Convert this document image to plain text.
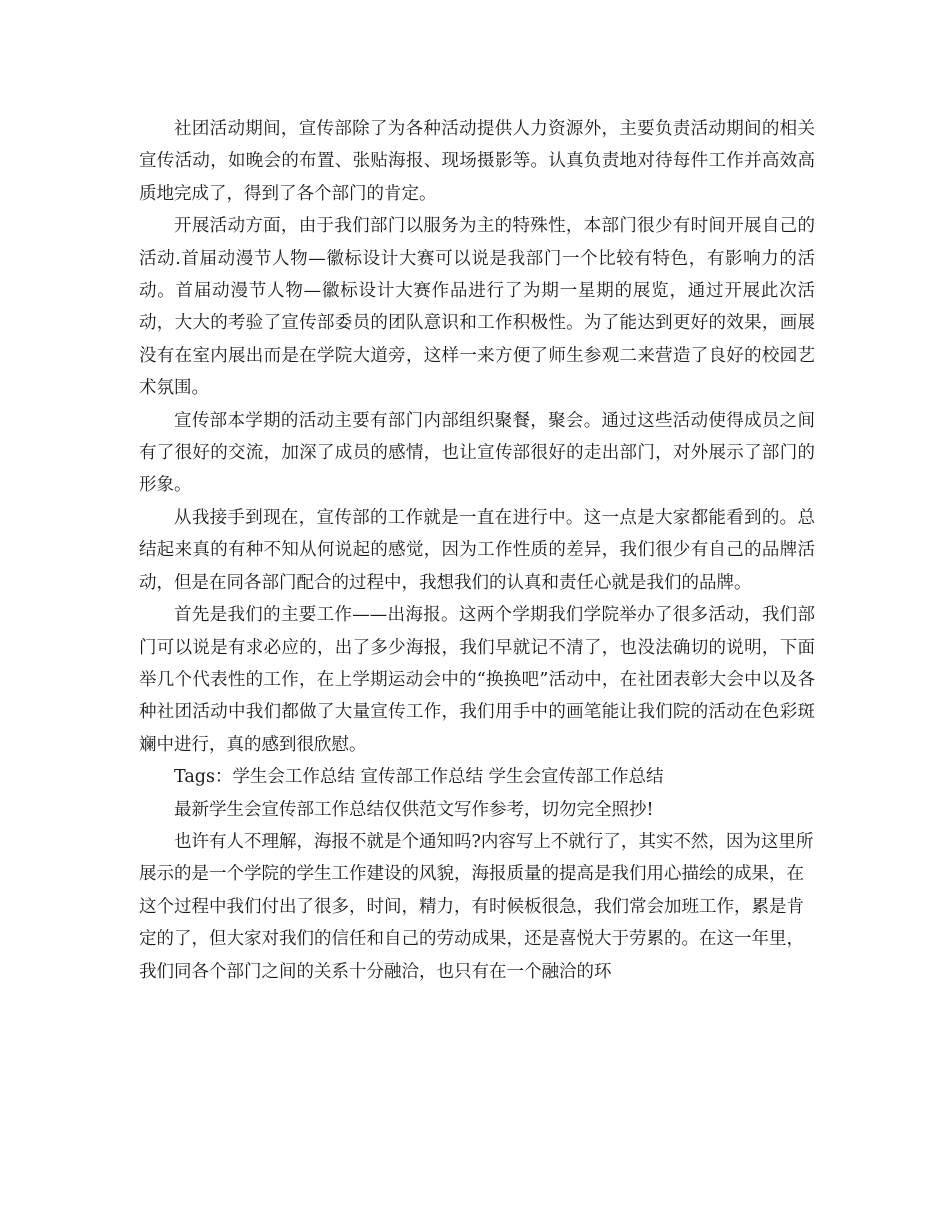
社团活动期间，宣传部除了为各种活动提供人力资源外，主要负责活动期间的相关宣传活动，如晚会的布置、张贴海报、现场摄影等。认真负责地对待每件工作并高效高质地完成了，得到了各个部门的肯定。

开展活动方面，由于我们部门以服务为主的特殊性，本部门很少有时间开展自己的活动.首届动漫节人物—徽标设计大赛可以说是我部门一个比较有特色，有影响力的活动。首届动漫节人物—徽标设计大赛作品进行了为期一星期的展览，通过开展此次活动，大大的考验了宣传部委员的团队意识和工作积极性。为了能达到更好的效果，画展没有在室内展出而是在学院大道旁，这样一来方便了师生参观二来营造了良好的校园艺术氛围。

宣传部本学期的活动主要有部门内部组织聚餐，聚会。通过这些活动使得成员之间有了很好的交流，加深了成员的感情，也让宣传部很好的走出部门，对外展示了部门的形象。

从我接手到现在，宣传部的工作就是一直在进行中。这一点是大家都能看到的。总结起来真的有种不知从何说起的感觉，因为工作性质的差异，我们很少有自己的品牌活动，但是在同各部门配合的过程中，我想我们的认真和责任心就是我们的品牌。

首先是我们的主要工作——出海报。这两个学期我们学院举办了很多活动，我们部门可以说是有求必应的，出了多少海报，我们早就记不清了，也没法确切的说明，下面举几个代表性的工作，在上学期运动会中的“换换吧”活动中，在社团表彰大会中以及各种社团活动中我们都做了大量宣传工作，我们用手中的画笔能让我们院的活动在色彩斑斓中进行，真的感到很欣慰。

Tags：学生会工作总结 宣传部工作总结 学生会宣传部工作总结

最新学生会宣传部工作总结仅供范文写作参考，切勿完全照抄!

也许有人不理解，海报不就是个通知吗?内容写上不就行了，其实不然，因为这里所展示的是一个学院的学生工作建设的风貌，海报质量的提高是我们用心描绘的成果，在这个过程中我们付出了很多，时间，精力，有时候板很急，我们常会加班工作，累是肯定的了，但大家对我们的信任和自己的劳动成果，还是喜悦大于劳累的。在这一年里，我们同各个部门之间的关系十分融洽，也只有在一个融洽的环
